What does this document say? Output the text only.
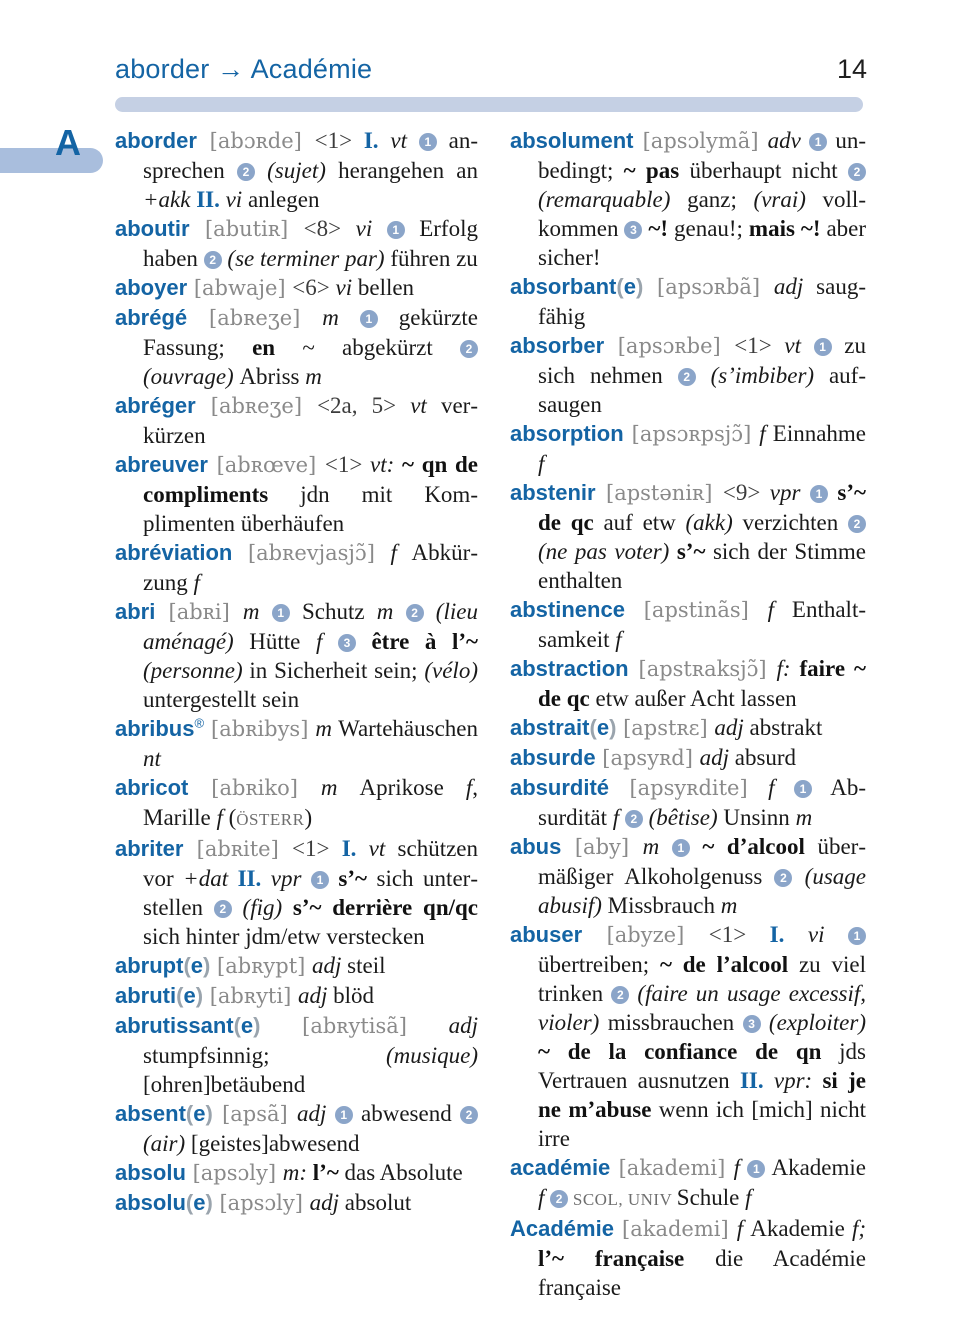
aborder → Académie	14
A aborder [abɔʀde] <1> I. vt 1 ansprechen 2 (sujet) herangehen an +akk II. vi anlegen

aboutir [abutiʀ] <8> vi 1 Erfolg haben 2 (se terminer par) führen zu

aboyer [abwaje] <6> vi bellen

abrégé [abʀeʒe] m 1 gekürzte Fassung; en ~ abgekürzt 2 (ouvrage) Abriss m

abréger [abʀeʒe] <2a, 5> vt verkürzen

abreuver [abʀœve] <1> vt: ~ qn de compliments jdn mit Komplimenten überhäufen

abréviation [abʀevjasjɔ̃] f Abkürzung f

abri [abʀi] m 1 Schutz m 2 (lieu aménagé) Hütte f 3 être à l’~ (personne) in Sicherheit sein; (vélo) untergestellt sein

abribus® [abʀibys] m Wartehäuschen nt

abricot [abʀiko] m Aprikose f, Marille f (ÖSTERR)

abriter [abʀite] <1> I. vt schützen vor +dat II. vpr 1 s’~ sich unterstellen 2 (fig) s’~ derrière qn/qc sich hinter jdm/etw verstecken

abrupt(e) [abʀypt] adj steil

abruti(e) [abʀyti] adj blöd

abrutissant(e) [abʀytisã] adj stumpfsinnig; (musique) [ohren]betäubend

absent(e) [apsã] adj 1 abwesend 2 (air) [geistes]abwesend

absolu [apsɔly] m: l’~ das Absolute

absolu(e) [apsɔly] adj absolut

absolument [apsɔlymã] adv 1 unbedingt; ~ pas überhaupt nicht 2 (remarquable) ganz; (vrai) vollkommen 3 ~! genau!; mais ~! aber sicher!

absorbant(e) [apsɔʀbã] adj saugfähig

absorber [apsɔʀbe] <1> vt 1 zu sich nehmen 2 (s’imbiber) aufsaugen

absorption [apsɔʀpsjɔ̃] f Einnahme f

abstenir [apstəniʀ] <9> vpr 1 s’~ de qc auf etw (akk) verzichten 2 (ne pas voter) s’~ sich der Stimme enthalten

abstinence [apstinãs] f Enthaltsamkeit f

abstraction [apstʀaksjɔ̃] f: faire ~ de qc etw außer Acht lassen

abstrait(e) [apstʀɛ] adj abstrakt

absurde [apsyʀd] adj absurd

absurdité [apsyʀdite] f 1 Absurdität f 2 (bêtise) Unsinn m

abus [aby] m 1 ~ d’alcool übermäßiger Alkoholgenuss 2 (usage abusif) Missbrauch m

abuser [abyze] <1> I. vi 1 übertreiben; ~ de l’alcool zu viel trinken 2 (faire un usage excessif, violer) missbrauchen 3 (exploiter) ~ de la confiance de qn jds Vertrauen ausnutzen II. vpr: si je ne m’abuse wenn ich [mich] nicht irre

académie [akademi] f 1 Akademie f 2 SCOL, UNIV Schule f

Académie [akademi] f Akademie f; l’~ française die Académie française
